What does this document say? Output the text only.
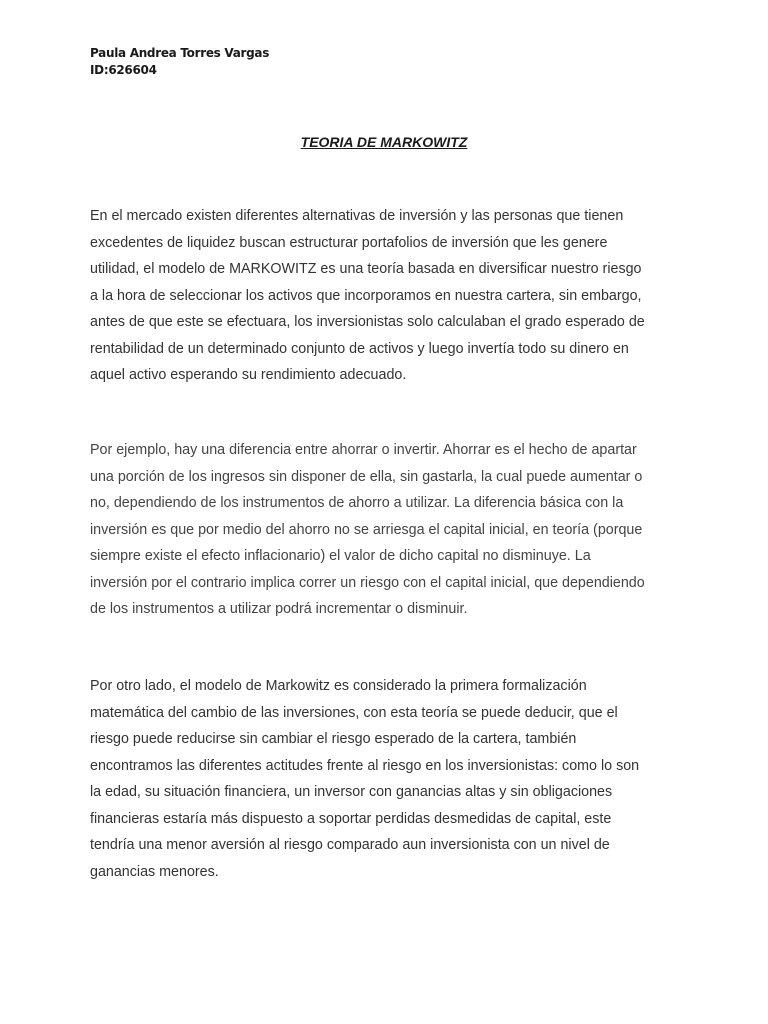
Paula Andrea Torres Vargas
ID:626604
TEORIA DE MARKOWITZ

En el mercado existen diferentes alternativas de inversión y las personas que tienen
excedentes de liquidez buscan estructurar portafolios de inversión que les genere
utilidad, el modelo de MARKOWITZ es una teoría basada en diversificar nuestro riesgo
a la hora de seleccionar los activos que incorporamos en nuestra cartera, sin embargo,
antes de que este se efectuara, los inversionistas solo calculaban el grado esperado de
rentabilidad de un determinado conjunto de activos y luego invertía todo su dinero en
aquel activo esperando su rendimiento adecuado.

Por ejemplo, hay una diferencia entre ahorrar o invertir. Ahorrar es el hecho de apartar
una porción de los ingresos sin disponer de ella, sin gastarla, la cual puede aumentar o
no, dependiendo de los instrumentos de ahorro a utilizar. La diferencia básica con la
inversión es que por medio del ahorro no se arriesga el capital inicial, en teoría (porque
siempre existe el efecto inflacionario) el valor de dicho capital no disminuye. La
inversión por el contrario implica correr un riesgo con el capital inicial, que dependiendo
de los instrumentos a utilizar podrá incrementar o disminuir.

Por otro lado, el modelo de Markowitz es considerado la primera formalización
matemática del cambio de las inversiones, con esta teoría se puede deducir, que el
riesgo puede reducirse sin cambiar el riesgo esperado de la cartera, también
encontramos las diferentes actitudes frente al riesgo en los inversionistas: como lo son
la edad, su situación financiera, un inversor con ganancias altas y sin obligaciones
financieras estaría más dispuesto a soportar perdidas desmedidas de capital, este
tendría una menor aversión al riesgo comparado aun inversionista con un nivel de
ganancias menores.
